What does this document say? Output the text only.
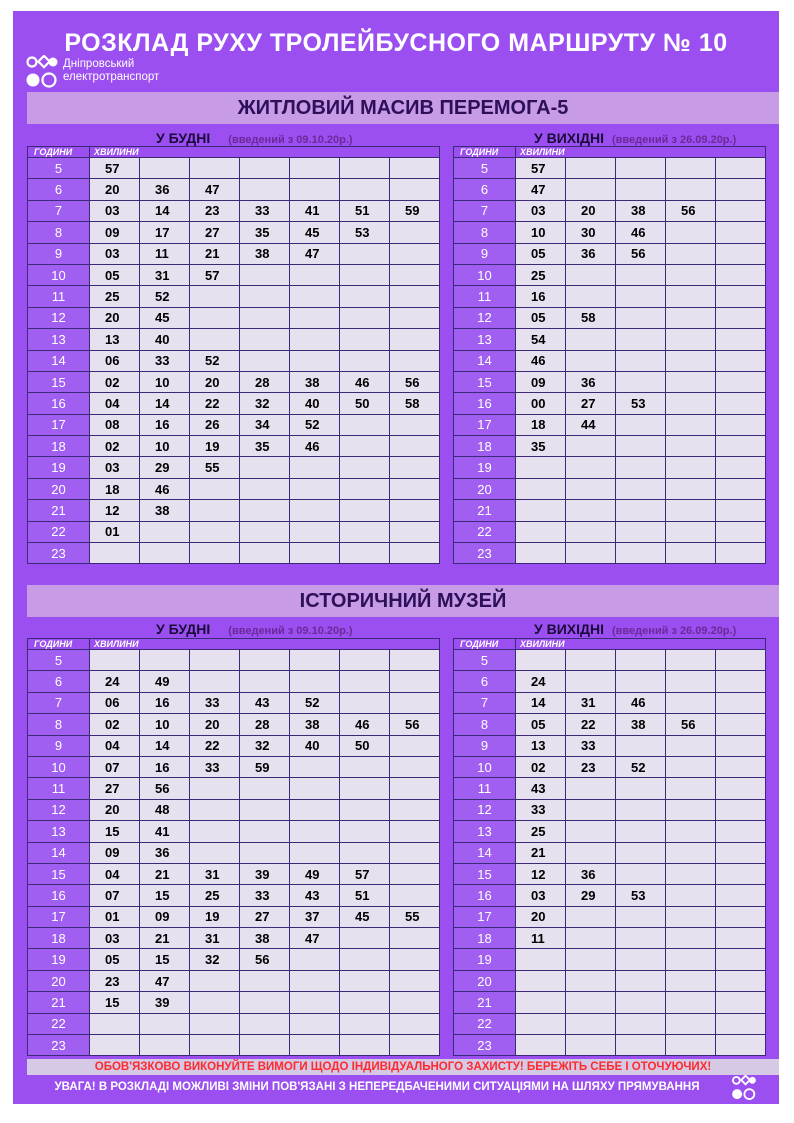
РОЗКЛАД РУХУ ТРОЛЕЙБУСНОГО МАРШРУТУ № 10
Дніпровський
електротранспорт
ЖИТЛОВИЙ МАСИВ ПЕРЕМОГА-5
У БУДНІ (введений з 09.10.20р.)	У ВИХІДНІ (введений з 26.09.20р.)
ГОДИНИ	ХВИЛИНИ						
5	57						
6	20	36	47				
7	03	14	23	33	41	51	59
8	09	17	27	35	45	53	
9	03	11	21	38	47		
10	05	31	57				
11	25	52					
12	20	45					
13	13	40					
14	06	33	52				
15	02	10	20	28	38	46	56
16	04	14	22	32	40	50	58
17	08	16	26	34	52		
18	02	10	19	35	46		
19	03	29	55				
20	18	46					
21	12	38					
22	01						
23							
ГОДИНИ	ХВИЛИНИ				
5	57				
6	47				
7	03	20	38	56	
8	10	30	46		
9	05	36	56		
10	25				
11	16				
12	05	58			
13	54				
14	46				
15	09	36			
16	00	27	53		
17	18	44			
18	35				
19					
20					
21					
22					
23					
ІСТОРИЧНИЙ МУЗЕЙ
У БУДНІ (введений з 09.10.20р.)	У ВИХІДНІ (введений з 26.09.20р.)
ГОДИНИ	ХВИЛИНИ						
5							
6	24	49					
7	06	16	33	43	52		
8	02	10	20	28	38	46	56
9	04	14	22	32	40	50	
10	07	16	33	59			
11	27	56					
12	20	48					
13	15	41					
14	09	36					
15	04	21	31	39	49	57	
16	07	15	25	33	43	51	
17	01	09	19	27	37	45	55
18	03	21	31	38	47		
19	05	15	32	56			
20	23	47					
21	15	39					
22							
23							
ГОДИНИ	ХВИЛИНИ				
5					
6	24				
7	14	31	46		
8	05	22	38	56	
9	13	33			
10	02	23	52		
11	43				
12	33				
13	25				
14	21				
15	12	36			
16	03	29	53		
17	20				
18	11				
19					
20					
21					
22					
23					
ОБОВ'ЯЗКОВО ВИКОНУЙТЕ ВИМОГИ ЩОДО ІНДИВІДУАЛЬНОГО ЗАХИСТУ! БЕРЕЖІТЬ СЕБЕ І ОТОЧУЮЧИХ!
УВАГА! В РОЗКЛАДІ МОЖЛИВІ ЗМІНИ ПОВ'ЯЗАНІ З НЕПЕРЕДБАЧЕНИМИ СИТУАЦІЯМИ НА ШЛЯХУ ПРЯМУВАННЯ
